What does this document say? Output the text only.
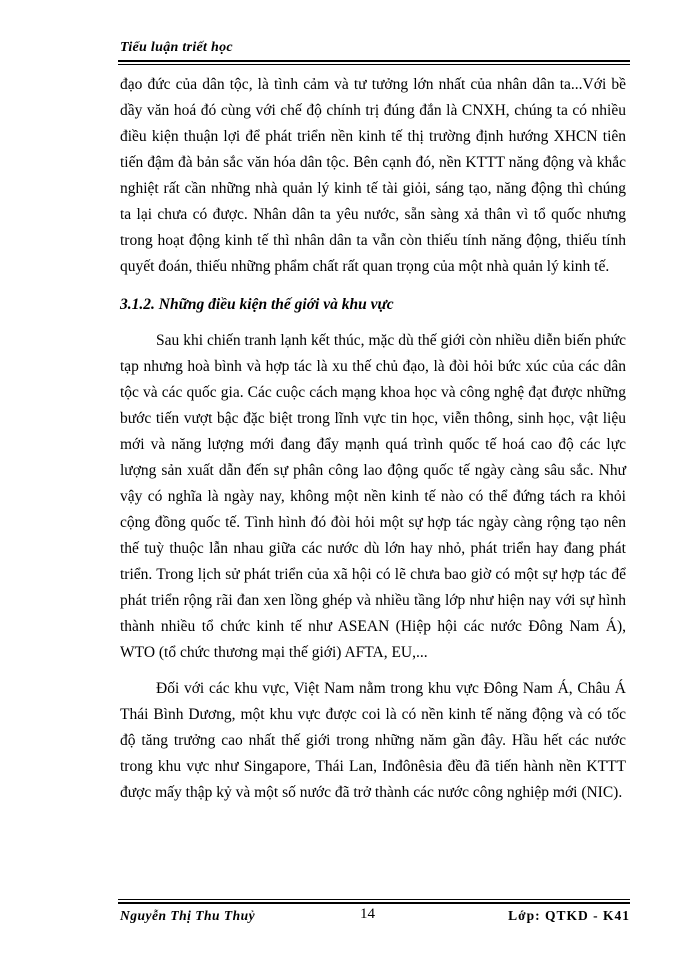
Tiểu luận triết học

đạo đức của dân tộc, là tình cảm và tư tưởng lớn nhất của nhân dân ta...Với bề dầy văn hoá đó cùng với chế độ chính trị đúng đắn là CNXH, chúng ta có nhiều điều kiện thuận lợi để phát triển nền kinh tế thị trường định hướng XHCN tiên tiến đậm đà bản sắc văn hóa dân tộc. Bên cạnh đó, nền KTTT năng động và khắc nghiệt rất cần những nhà quản lý kinh tế tài giỏi, sáng tạo, năng động thì chúng ta lại chưa có được. Nhân dân ta yêu nước, sẵn sàng xả thân vì tổ quốc nhưng trong hoạt động kinh tế thì nhân dân ta vẫn còn thiếu tính năng động, thiếu tính quyết đoán, thiếu những phẩm chất rất quan trọng của một nhà quản lý kinh tế.

3.1.2. Những điều kiện thế giới và khu vực

Sau khi chiến tranh lạnh kết thúc, mặc dù thế giới còn nhiều diễn biến phức tạp nhưng hoà bình và hợp tác là xu thế chủ đạo, là đòi hỏi bức xúc của các dân tộc và các quốc gia. Các cuộc cách mạng khoa học và công nghệ đạt được những bước tiến vượt bậc đặc biệt trong lĩnh vực tin học, viễn thông, sinh học, vật liệu mới và năng lượng mới đang đẩy mạnh quá trình quốc tế hoá cao độ các lực lượng sản xuất dẫn đến sự phân công lao động quốc tế ngày càng sâu sắc. Như vậy có nghĩa là ngày nay, không một nền kinh tế nào có thể đứng tách ra khỏi cộng đồng quốc tế. Tình hình đó đòi hỏi một sự hợp tác ngày càng rộng tạo nên thế tuỳ thuộc lẫn nhau giữa các nước dù lớn hay nhỏ, phát triển hay đang phát triển. Trong lịch sử phát triển của xã hội có lẽ chưa bao giờ có một sự hợp tác để phát triển rộng rãi đan xen lồng ghép và nhiều tầng lớp như hiện nay với sự hình thành nhiều tổ chức kinh tế như ASEAN (Hiệp hội các nước Đông Nam Á), WTO (tổ chức thương mại thế giới) AFTA, EU,...

Đối với các khu vực, Việt Nam nằm trong khu vực Đông Nam Á, Châu Á Thái Bình Dương, một khu vực được coi là có nền kinh tế năng động và có tốc độ tăng trưởng cao nhất thế giới trong những năm gần đây. Hầu hết các nước trong khu vực như Singapore, Thái Lan, Inđônêsia đều đã tiến hành nền KTTT được mấy thập kỷ và một số nước đã trở thành các nước công nghiệp mới (NIC).

Nguyễn Thị Thu Thuỷ	14	Lớp: QTKD - K41
